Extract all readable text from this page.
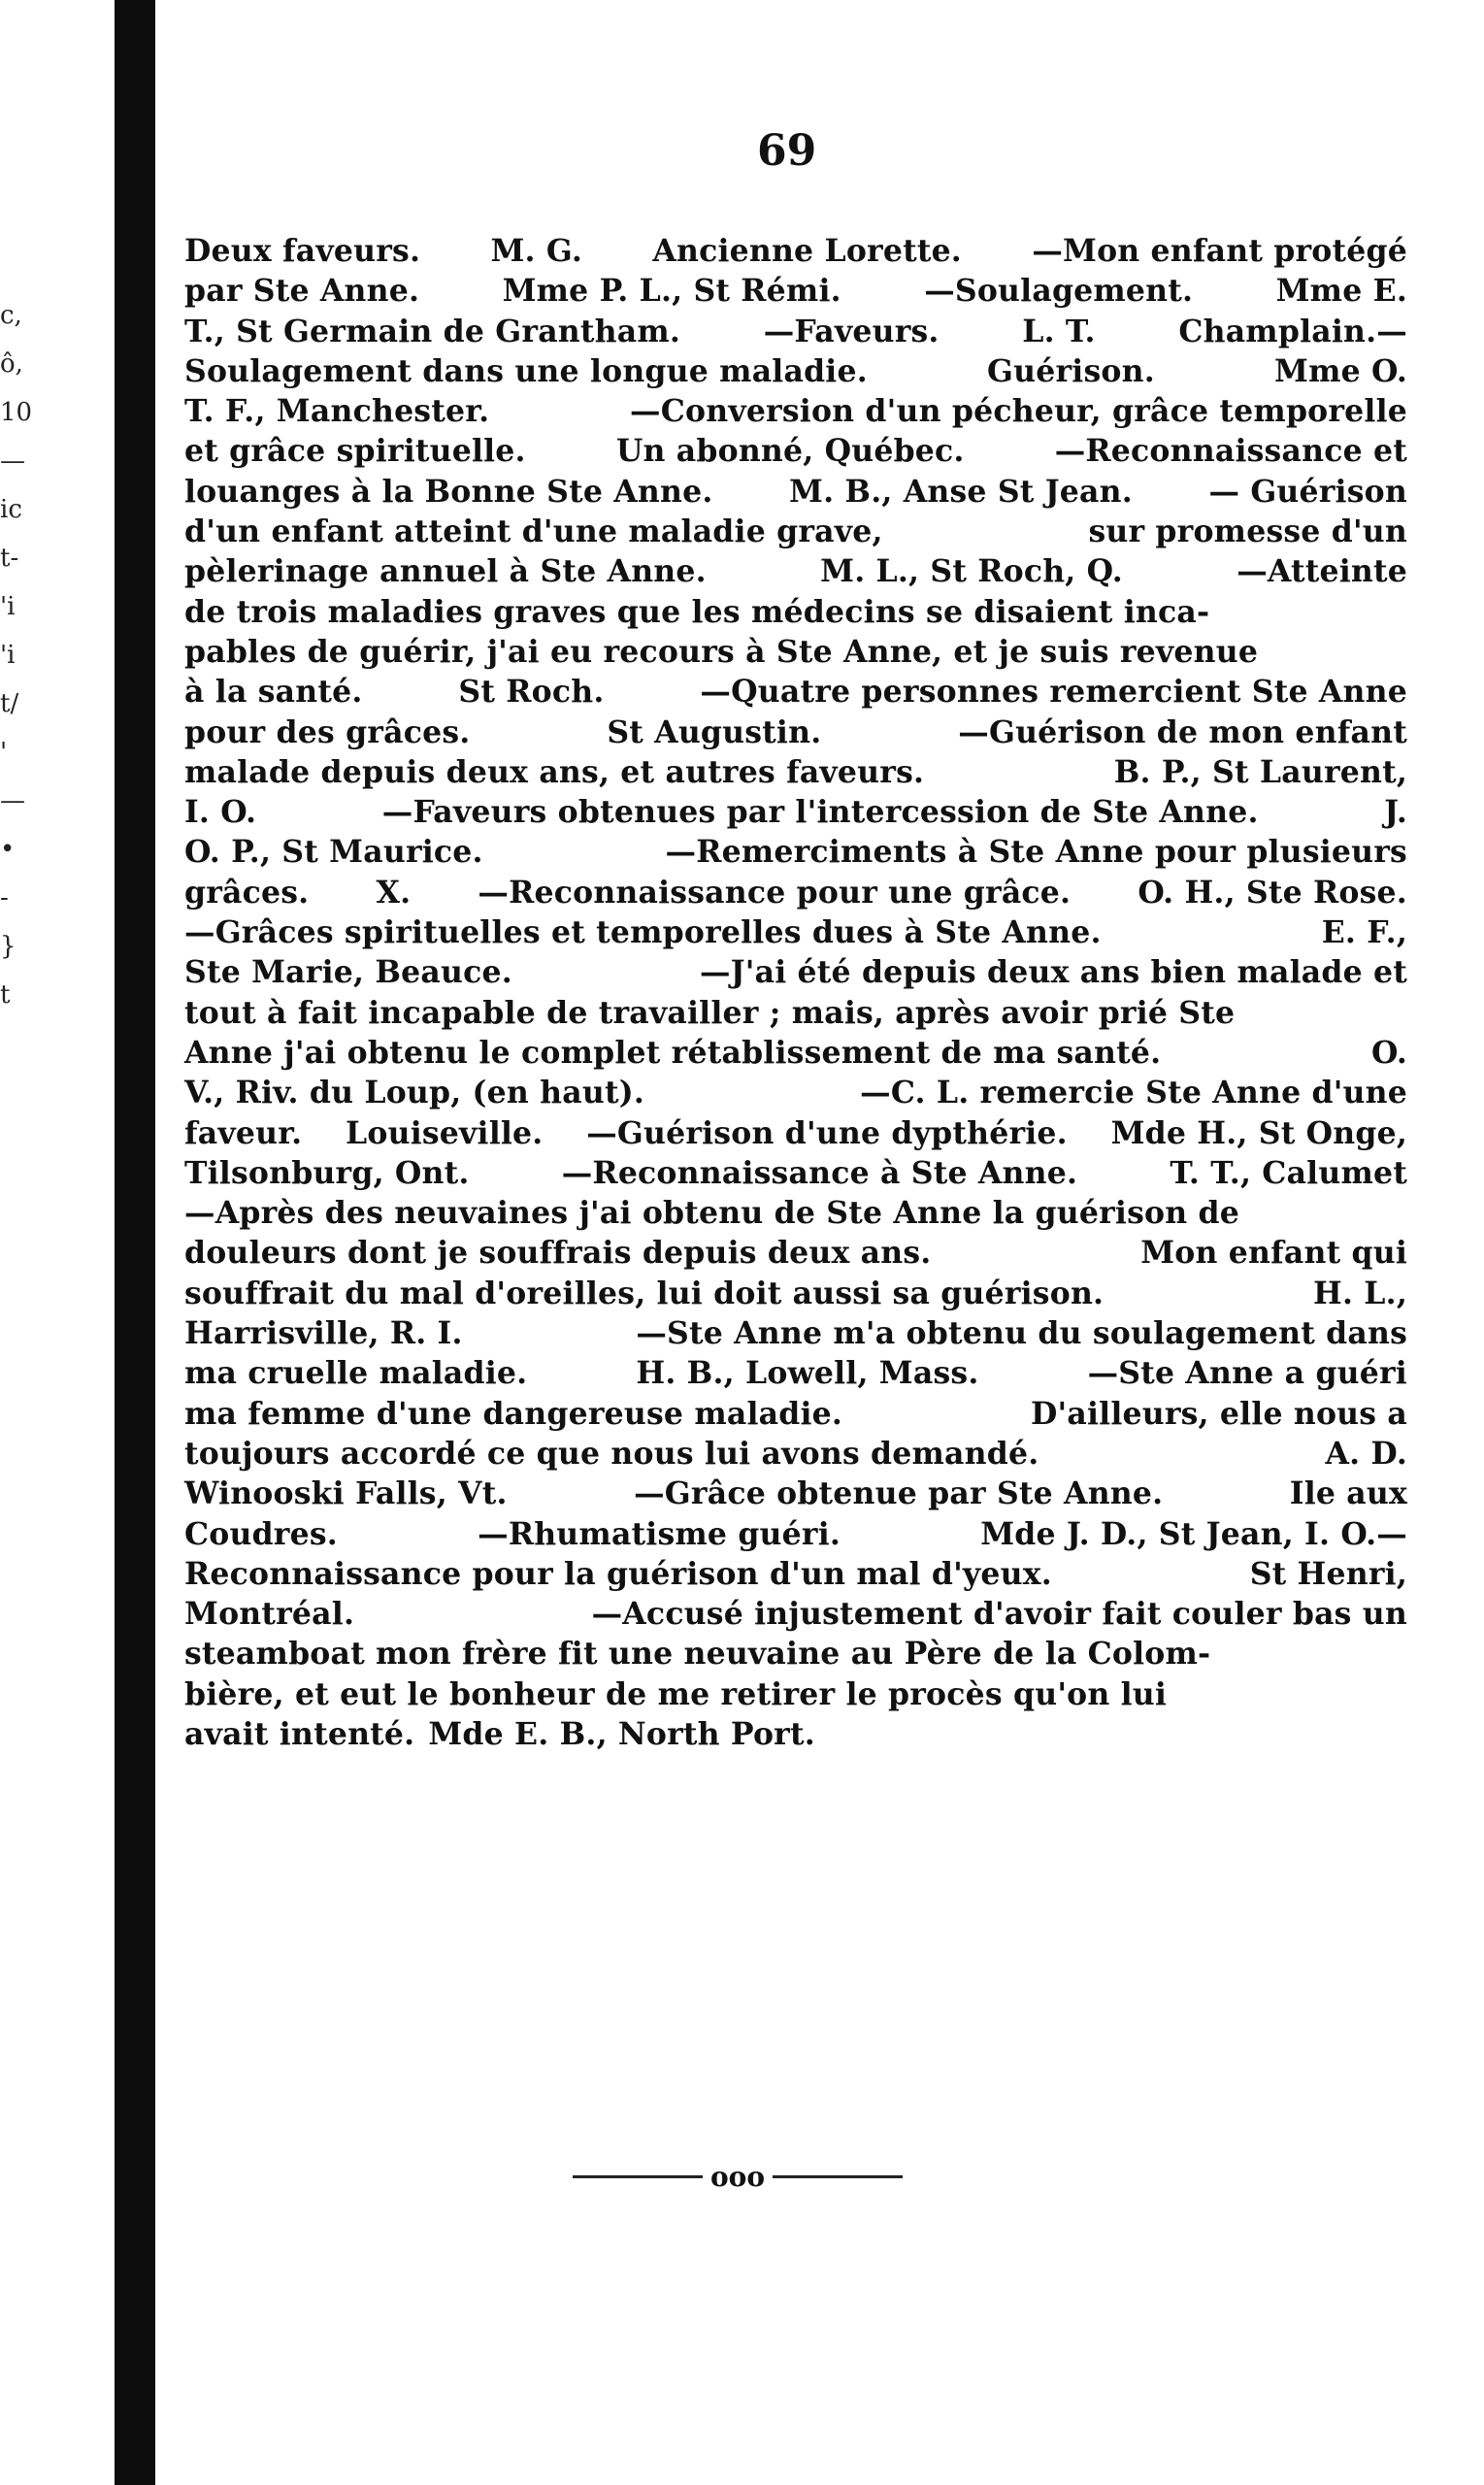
c,
ô,
10
—
ic
t-
'i
'i
t/
'
—
•
-
}
t
69
Deux faveurs. M. G. Ancienne Lorette. —Mon enfant protégé
par Ste Anne.	Mme P. L., St Rémi.	—Soulagement.	Mme E.
T., St Germain de Grantham.	—Faveurs.	L. T.	Champlain.—
Soulagement dans une longue maladie.	Guérison.	Mme O.
T. F., Manchester.	—Conversion d'un pécheur, grâce temporelle
et grâce spirituelle.	Un abonné, Québec.	—Reconnaissance et
louanges à la Bonne Ste Anne. M. B., Anse St Jean. — Guérison
d'un enfant atteint d'une maladie grave,	sur promesse d'un
pèlerinage annuel à Ste Anne.	M. L., St Roch, Q.	—Atteinte
de trois maladies graves que les médecins se disaient inca-
pables de guérir, j'ai eu recours à Ste Anne, et je suis revenue
à la santé.	St Roch.	—Quatre personnes remercient Ste Anne
pour des grâces.	St Augustin.	—Guérison de mon enfant
malade depuis deux ans, et autres faveurs.	B. P., St Laurent,
I. O.	—Faveurs obtenues par l'intercession de Ste Anne.	J.
O. P., St Maurice.	—Remerciments à Ste Anne pour plusieurs
grâces. X. —Reconnaissance pour une grâce. O. H., Ste Rose.
—Grâces spirituelles et temporelles dues à Ste Anne.	E. F.,
Ste Marie, Beauce.	—J'ai été depuis deux ans bien malade et
tout à fait incapable de travailler ; mais, après avoir prié Ste
Anne j'ai obtenu le complet rétablissement de ma santé.	O.
V., Riv. du Loup, (en haut).	—C. L. remercie Ste Anne d'une
faveur. Louiseville. —Guérison d'une dypthérie. Mde H., St Onge,
Tilsonburg, Ont.	—Reconnaissance à Ste Anne.	T. T., Calumet
—Après des neuvaines j'ai obtenu de Ste Anne la guérison de
douleurs dont je souffrais depuis deux ans.	Mon enfant qui
souffrait du mal d'oreilles, lui doit aussi sa guérison.	H. L.,
Harrisville, R. I.	—Ste Anne m'a obtenu du soulagement dans
ma cruelle maladie.	H. B., Lowell, Mass.	—Ste Anne a guéri
ma femme d'une dangereuse maladie.	D'ailleurs, elle nous a
toujours accordé ce que nous lui avons demandé.	A. D.
Winooski Falls, Vt.	—Grâce obtenue par Ste Anne.	Ile aux
Coudres.	—Rhumatisme guéri.	Mde J. D., St Jean, I. O.—
Reconnaissance pour la guérison d'un mal d'yeux.	St Henri,
Montréal.	—Accusé injustement d'avoir fait couler bas un
steamboat mon frère fit une neuvaine au Père de la Colom-
bière, et eut le bonheur de me retirer le procès qu'on lui
avait intenté. Mde E. B., North Port.
ooo
